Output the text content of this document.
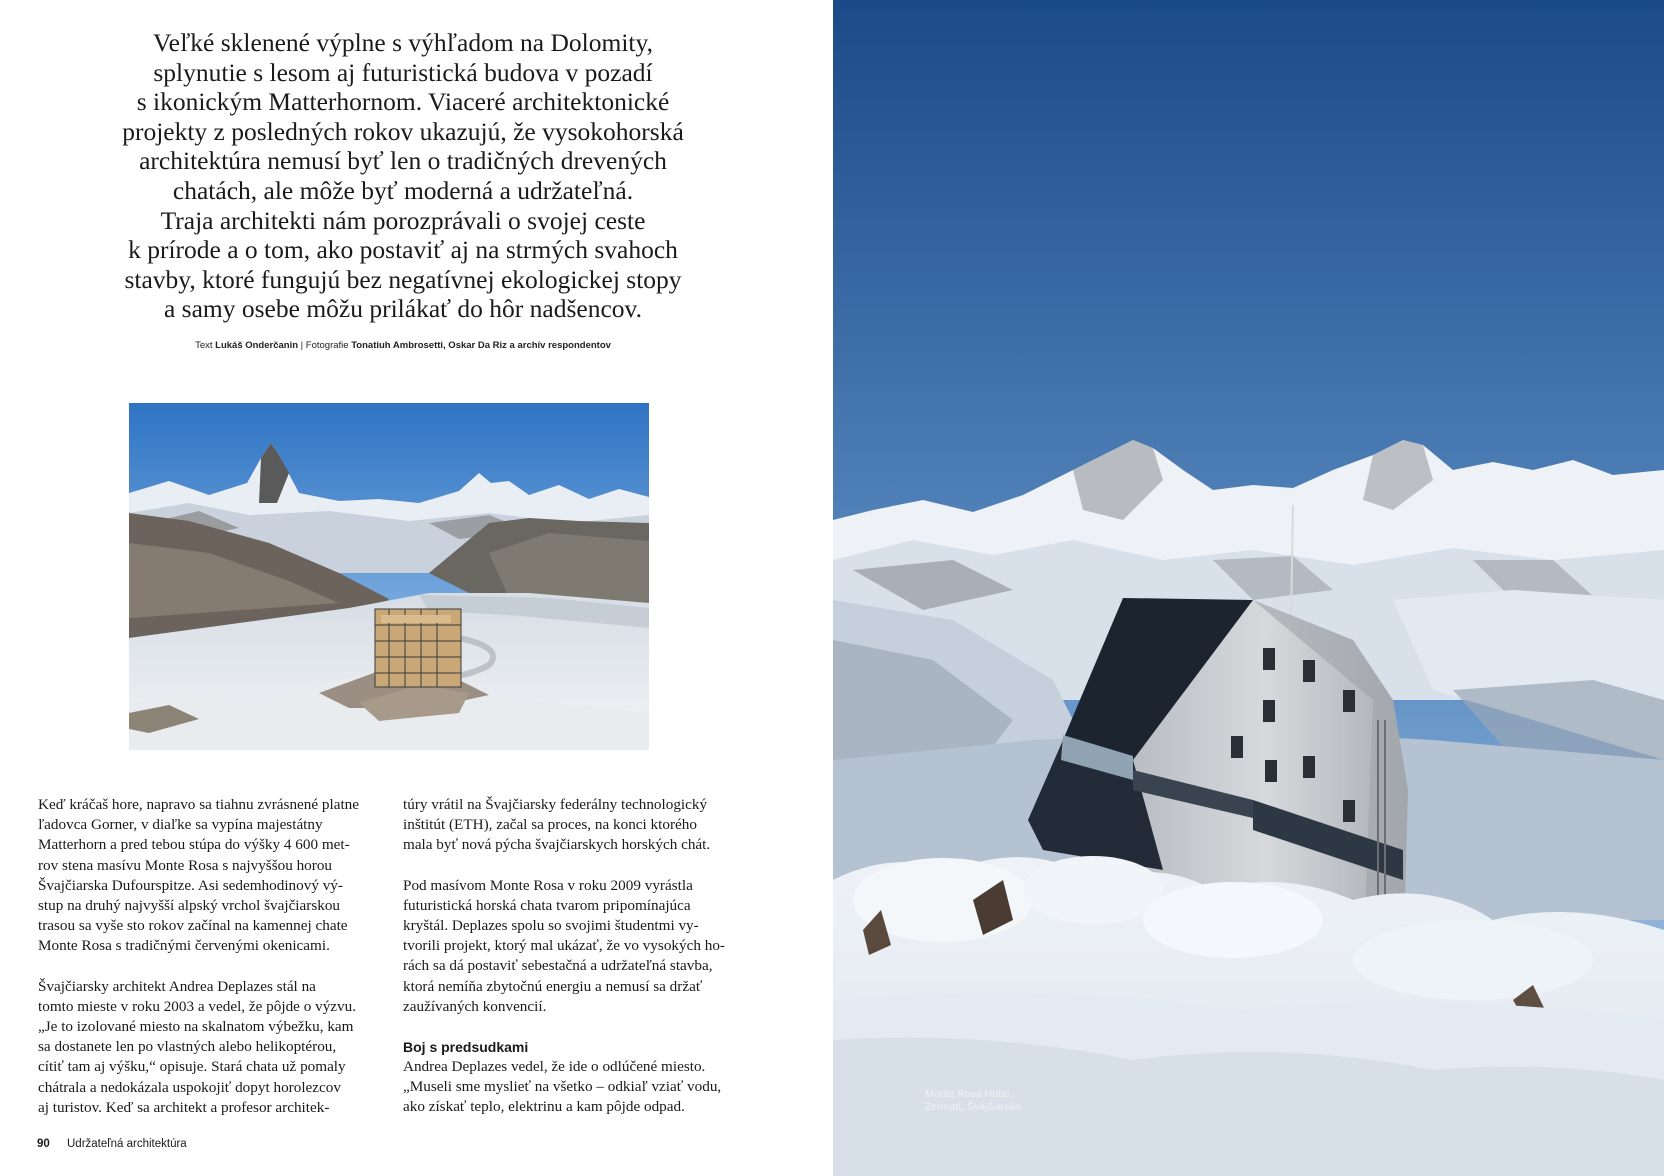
Veľké sklenené výplne s výhľadom na Dolomity,
splynutie s lesom aj futuristická budova v pozadí
s ikonickým Matterhornom. Viaceré architektonické
projekty z posledných rokov ukazujú, že vysokohorská
architektúra nemusí byť len o tradičných drevených
chatách, ale môže byť moderná a udržateľná.
Traja architekti nám porozprávali o svojej ceste
k prírode a o tom, ako postaviť aj na strmých svahoch
stavby, ktoré fungujú bez negatívnej ekologickej stopy
a samy osebe môžu prilákať do hôr nadšencov.
Text Lukáš Onderčanin | Fotografie Tonatiuh Ambrosetti, Oskar Da Riz a archív respondentov

Keď kráčaš hore, napravo sa tiahnu zvrásnené platne
ľadovca Gorner, v diaľke sa vypína majestátny
Matterhorn a pred tebou stúpa do výšky 4 600 met-
rov stena masívu Monte Rosa s najvyššou horou
Švajčiarska Dufourspitze. Asi sedemhodinový vý-
stup na druhý najvyšší alpský vrchol švajčiarskou
trasou sa vyše sto rokov začínal na kamennej chate
Monte Rosa s tradičnými červenými okenicami.

Švajčiarsky architekt Andrea Deplazes stál na
tomto mieste v roku 2003 a vedel, že pôjde o výzvu.
„Je to izolované miesto na skalnatom výbežku, kam
sa dostanete len po vlastných alebo helikoptérou,
cítiť tam aj výšku,“ opisuje. Stará chata už pomaly
chátrala a nedokázala uspokojiť dopyt horolezcov
aj turistov. Keď sa architekt a profesor architek-

túry vrátil na Švajčiarsky federálny technologický
inštitút (ETH), začal sa proces, na konci ktorého
mala byť nová pýcha švajčiarskych horských chát.

Pod masívom Monte Rosa v roku 2009 vyrástla
futuristická horská chata tvarom pripomínajúca
kryštál. Deplazes spolu so svojimi študentmi vy-
tvorili projekt, ktorý mal ukázať, že vo vysokých ho-
rách sa dá postaviť sebestačná a udržateľná stavba,
ktorá nemíňa zbytočnú energiu a nemusí sa držať
zaužívaných konvencií.

Boj s predsudkami

Andrea Deplazes vedel, že ide o odlúčené miesto.
„Museli sme myslieť na všetko – odkiaľ vziať vodu,
ako získať teplo, elektrinu a kam pôjde odpad.

90 Udržateľná architektúra
Monte Rosa Hütte,
Zermatt, Švajčiarsko
